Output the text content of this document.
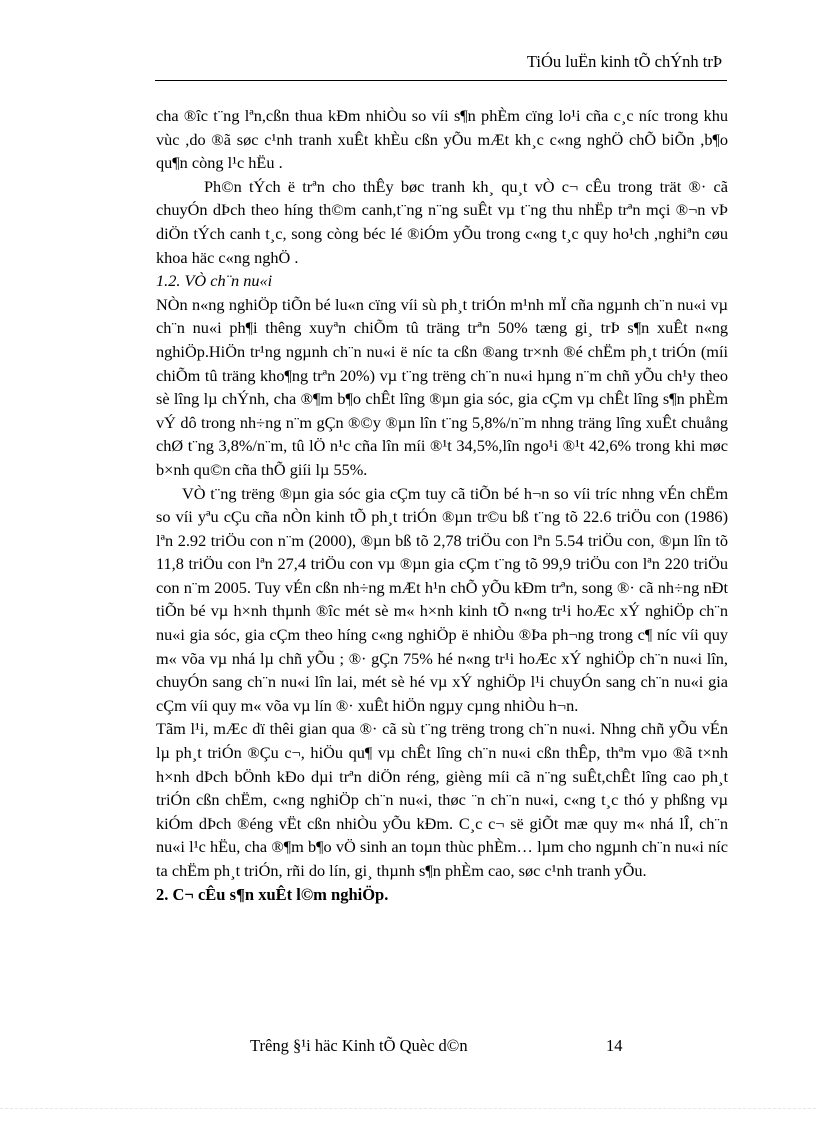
TiÓu luËn kinh tÕ chÝnh trÞ

cha ®îc t¨ng lªn,cßn thua kÐm nhiÒu so víi s¶n phÈm cïng lo¹i cña c¸c níc trong khu vùc ,do ®ã søc c¹nh tranh xuÊt khÈu cßn yÕu mÆt kh¸c c«ng nghÖ chÕ biÕn ,b¶o qu¶n còng l¹c hËu .

Ph©n tÝch ë trªn cho thÊy bøc tranh kh¸ qu¸t vÒ c¬ cÊu trong trät ®· cã chuyÓn dÞch theo híng th©m canh,t¨ng n¨ng suÊt vµ t¨ng thu nhËp trªn mçi ®¬n vÞ diÖn tÝch canh t¸c, song còng béc lé ®iÓm yÕu trong c«ng t¸c quy ho¹ch ,nghiªn cøu khoa häc c«ng nghÖ .

1.2. VÒ ch¨n nu«i

NÒn n«ng nghiÖp tiÕn bé lu«n cïng víi sù ph¸t triÓn m¹nh mÏ cña ngµnh ch¨n nu«i vµ ch¨n nu«i ph¶i thêng xuyªn chiÕm tû träng trªn 50% tæng gi¸ trÞ s¶n xuÊt n«ng nghiÖp.HiÖn tr¹ng ngµnh ch¨n nu«i ë níc ta cßn ®ang tr×nh ®é chËm ph¸t triÓn (míi chiÕm tû träng kho¶ng trªn 20%) vµ t¨ng trëng ch¨n nu«i hµng n¨m chñ yÕu ch¹y theo sè lîng lµ chÝnh, cha ®¶m b¶o chÊt lîng ®µn gia sóc, gia cÇm vµ chÊt lîng s¶n phÈm vÝ dô trong nh÷ng n¨m gÇn ®©y ®µn lîn t¨ng 5,8%/n¨m nhng träng lîng xuÊt chuång chØ t¨ng 3,8%/n¨m, tû lÖ n¹c cña lîn míi ®¹t 34,5%,lîn ngo¹i ®¹t 42,6% trong khi møc b×nh qu©n cña thÕ giíi lµ 55%.

VÒ t¨ng trëng ®µn gia sóc gia cÇm tuy cã tiÕn bé h¬n so víi tríc nhng vÉn chËm so víi yªu cÇu cña nÒn kinh tÕ ph¸t triÓn ®µn tr©u bß t¨ng tõ 22.6 triÖu con (1986) lªn 2.92 triÖu con n¨m (2000), ®µn bß tõ 2,78 triÖu con lªn 5.54 triÖu con, ®µn lîn tõ 11,8 triÖu con lªn 27,4 triÖu con vµ ®µn gia cÇm t¨ng tõ 99,9 triÖu con lªn 220 triÖu con n¨m 2005. Tuy vÉn cßn nh÷ng mÆt h¹n chÕ yÕu kÐm trªn, song ®· cã nh÷ng nÐt tiÕn bé vµ h×nh thµnh ®îc mét sè m« h×nh kinh tÕ n«ng tr¹i hoÆc xÝ nghiÖp ch¨n nu«i gia sóc, gia cÇm theo híng c«ng nghiÖp ë nhiÒu ®Þa ph¬ng trong c¶ níc víi quy m« võa vµ nhá lµ chñ yÕu ; ®· gÇn 75% hé n«ng tr¹i hoÆc xÝ nghiÖp ch¨n nu«i lîn, chuyÓn sang ch¨n nu«i lîn lai, mét sè hé vµ xÝ nghiÖp l¹i chuyÓn sang ch¨n nu«i gia cÇm víi quy m« võa vµ lín ®· xuÊt hiÖn ngµy cµng nhiÒu h¬n.

Tãm l¹i, mÆc dï thêi gian qua ®· cã sù t¨ng trëng trong ch¨n nu«i. Nhng chñ yÕu vÉn lµ ph¸t triÓn ®Çu c¬, hiÖu qu¶ vµ chÊt lîng ch¨n nu«i cßn thÊp, thªm vµo ®ã t×nh h×nh dÞch bÖnh kÐo dµi trªn diÖn réng, gièng míi cã n¨ng suÊt,chÊt lîng cao ph¸t triÓn cßn chËm, c«ng nghiÖp ch¨n nu«i, thøc ¨n ch¨n nu«i, c«ng t¸c thó y phßng vµ kiÓm dÞch ®éng vËt cßn nhiÒu yÕu kÐm. C¸c c¬ së giÕt mæ quy m« nhá lÎ, ch¨n nu«i l¹c hËu, cha ®¶m b¶o vÖ sinh an toµn thùc phÈm… lµm cho ngµnh ch¨n nu«i níc ta chËm ph¸t triÓn, rñi do lín, gi¸ thµnh s¶n phÈm cao, søc c¹nh tranh yÕu.

2. C¬ cÊu s¶n xuÊt l©m nghiÖp.

Trêng §¹i häc Kinh tÕ Quèc d©n	14
